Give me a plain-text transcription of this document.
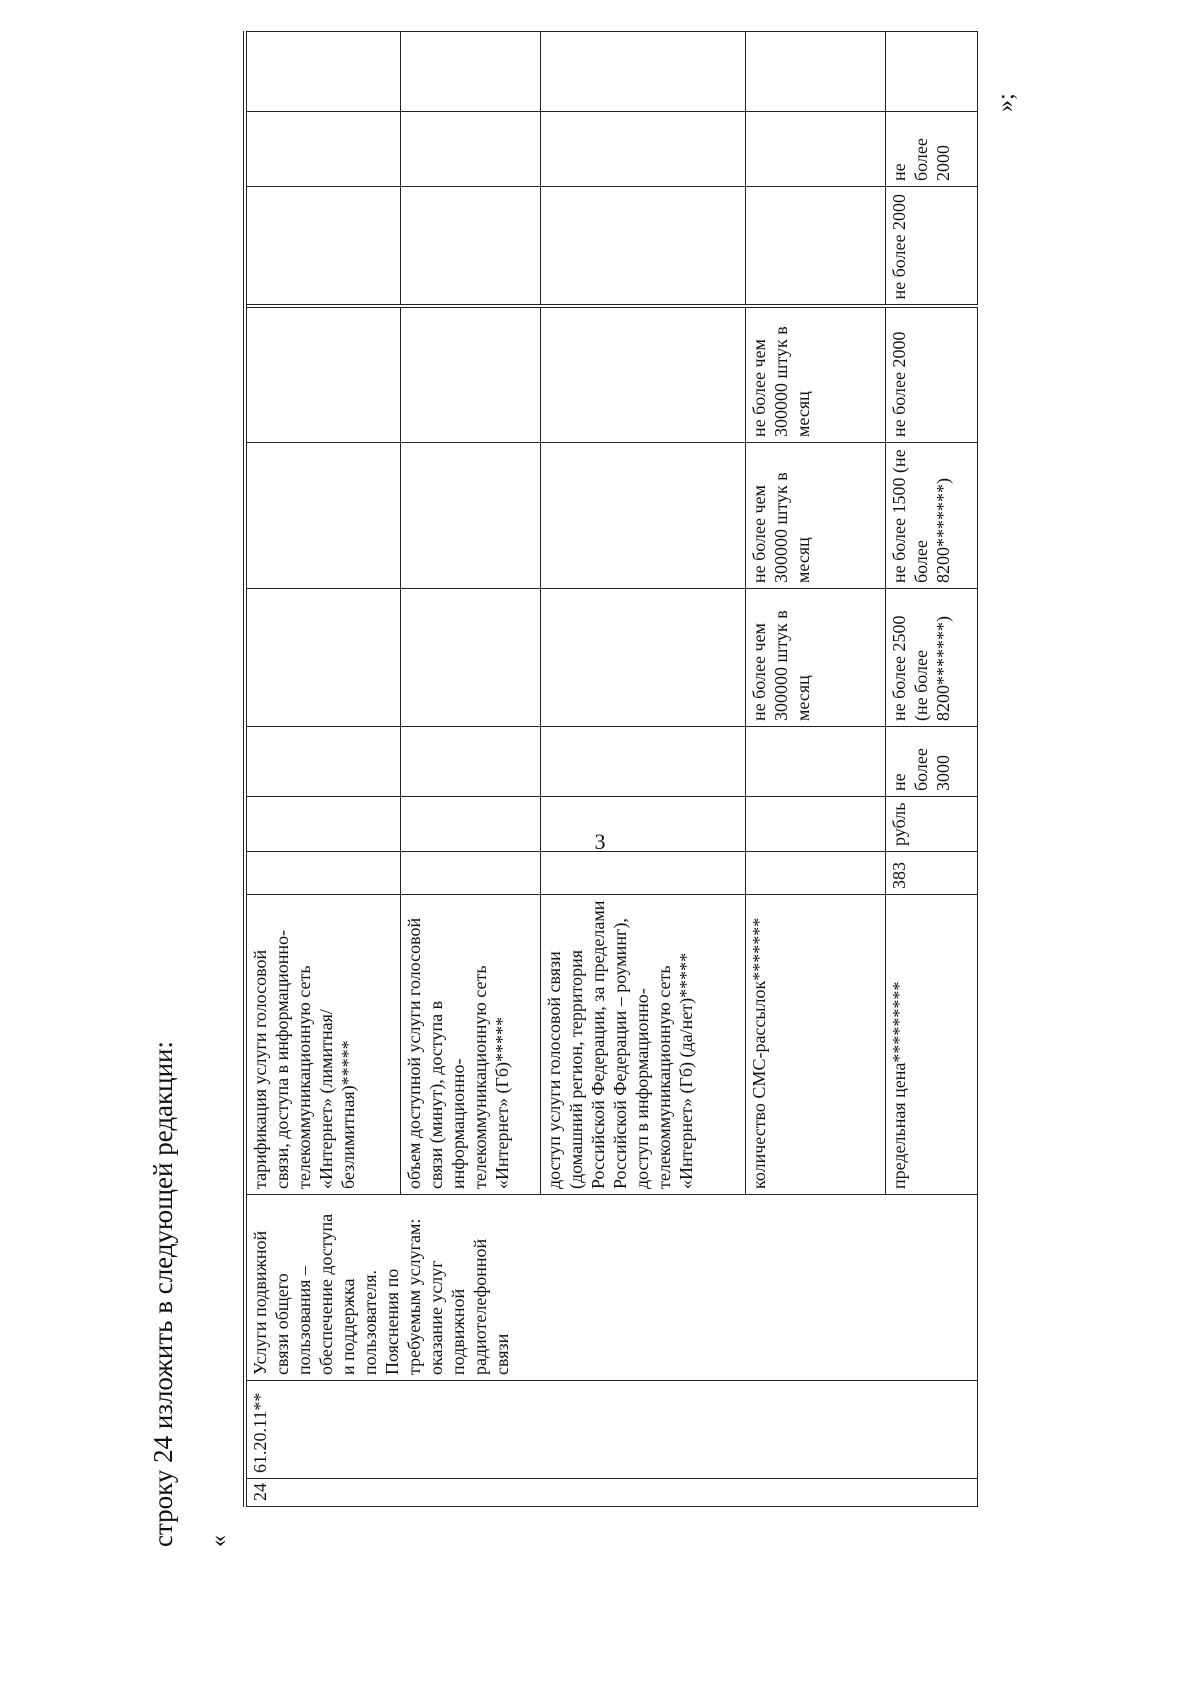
3
строку 24 изложить в следующей редакции: «
24	61.20.11**	Услуги подвижной связи общего пользования – обеспечение доступа и поддержка пользователя. Пояснения по требуемым услугам: оказание услуг подвижной радиотелефонной связи	тарификация услуги голосовой связи, доступа в информационно-телекоммуникационную сеть «Интернет» (лимитная/безлимитная)*****									
			объем доступной услуги голосовой связи (минут), доступа в информационно-телекоммуникационную сеть «Интернет» (Гб)*****									
			доступ услуги голосовой связи (домашний регион, территория Российской Федерации, за пределами Российской Федерации – роуминг), доступ в информационно-телекоммуникационную сеть «Интернет» (Гб) (да/нет)*****									
			количество СМС-рассылок*******				не более чем 300000 штук в месяц	не более чем 300000 штук в месяц	не более чем 300000 штук в месяц			
			предельная цена*********	383	рубль	не более 3000	не более 2500 (не более 8200*******)	не более 1500 (не более 8200*******)	не более 2000	не более 2000	не более 2000	
»;
